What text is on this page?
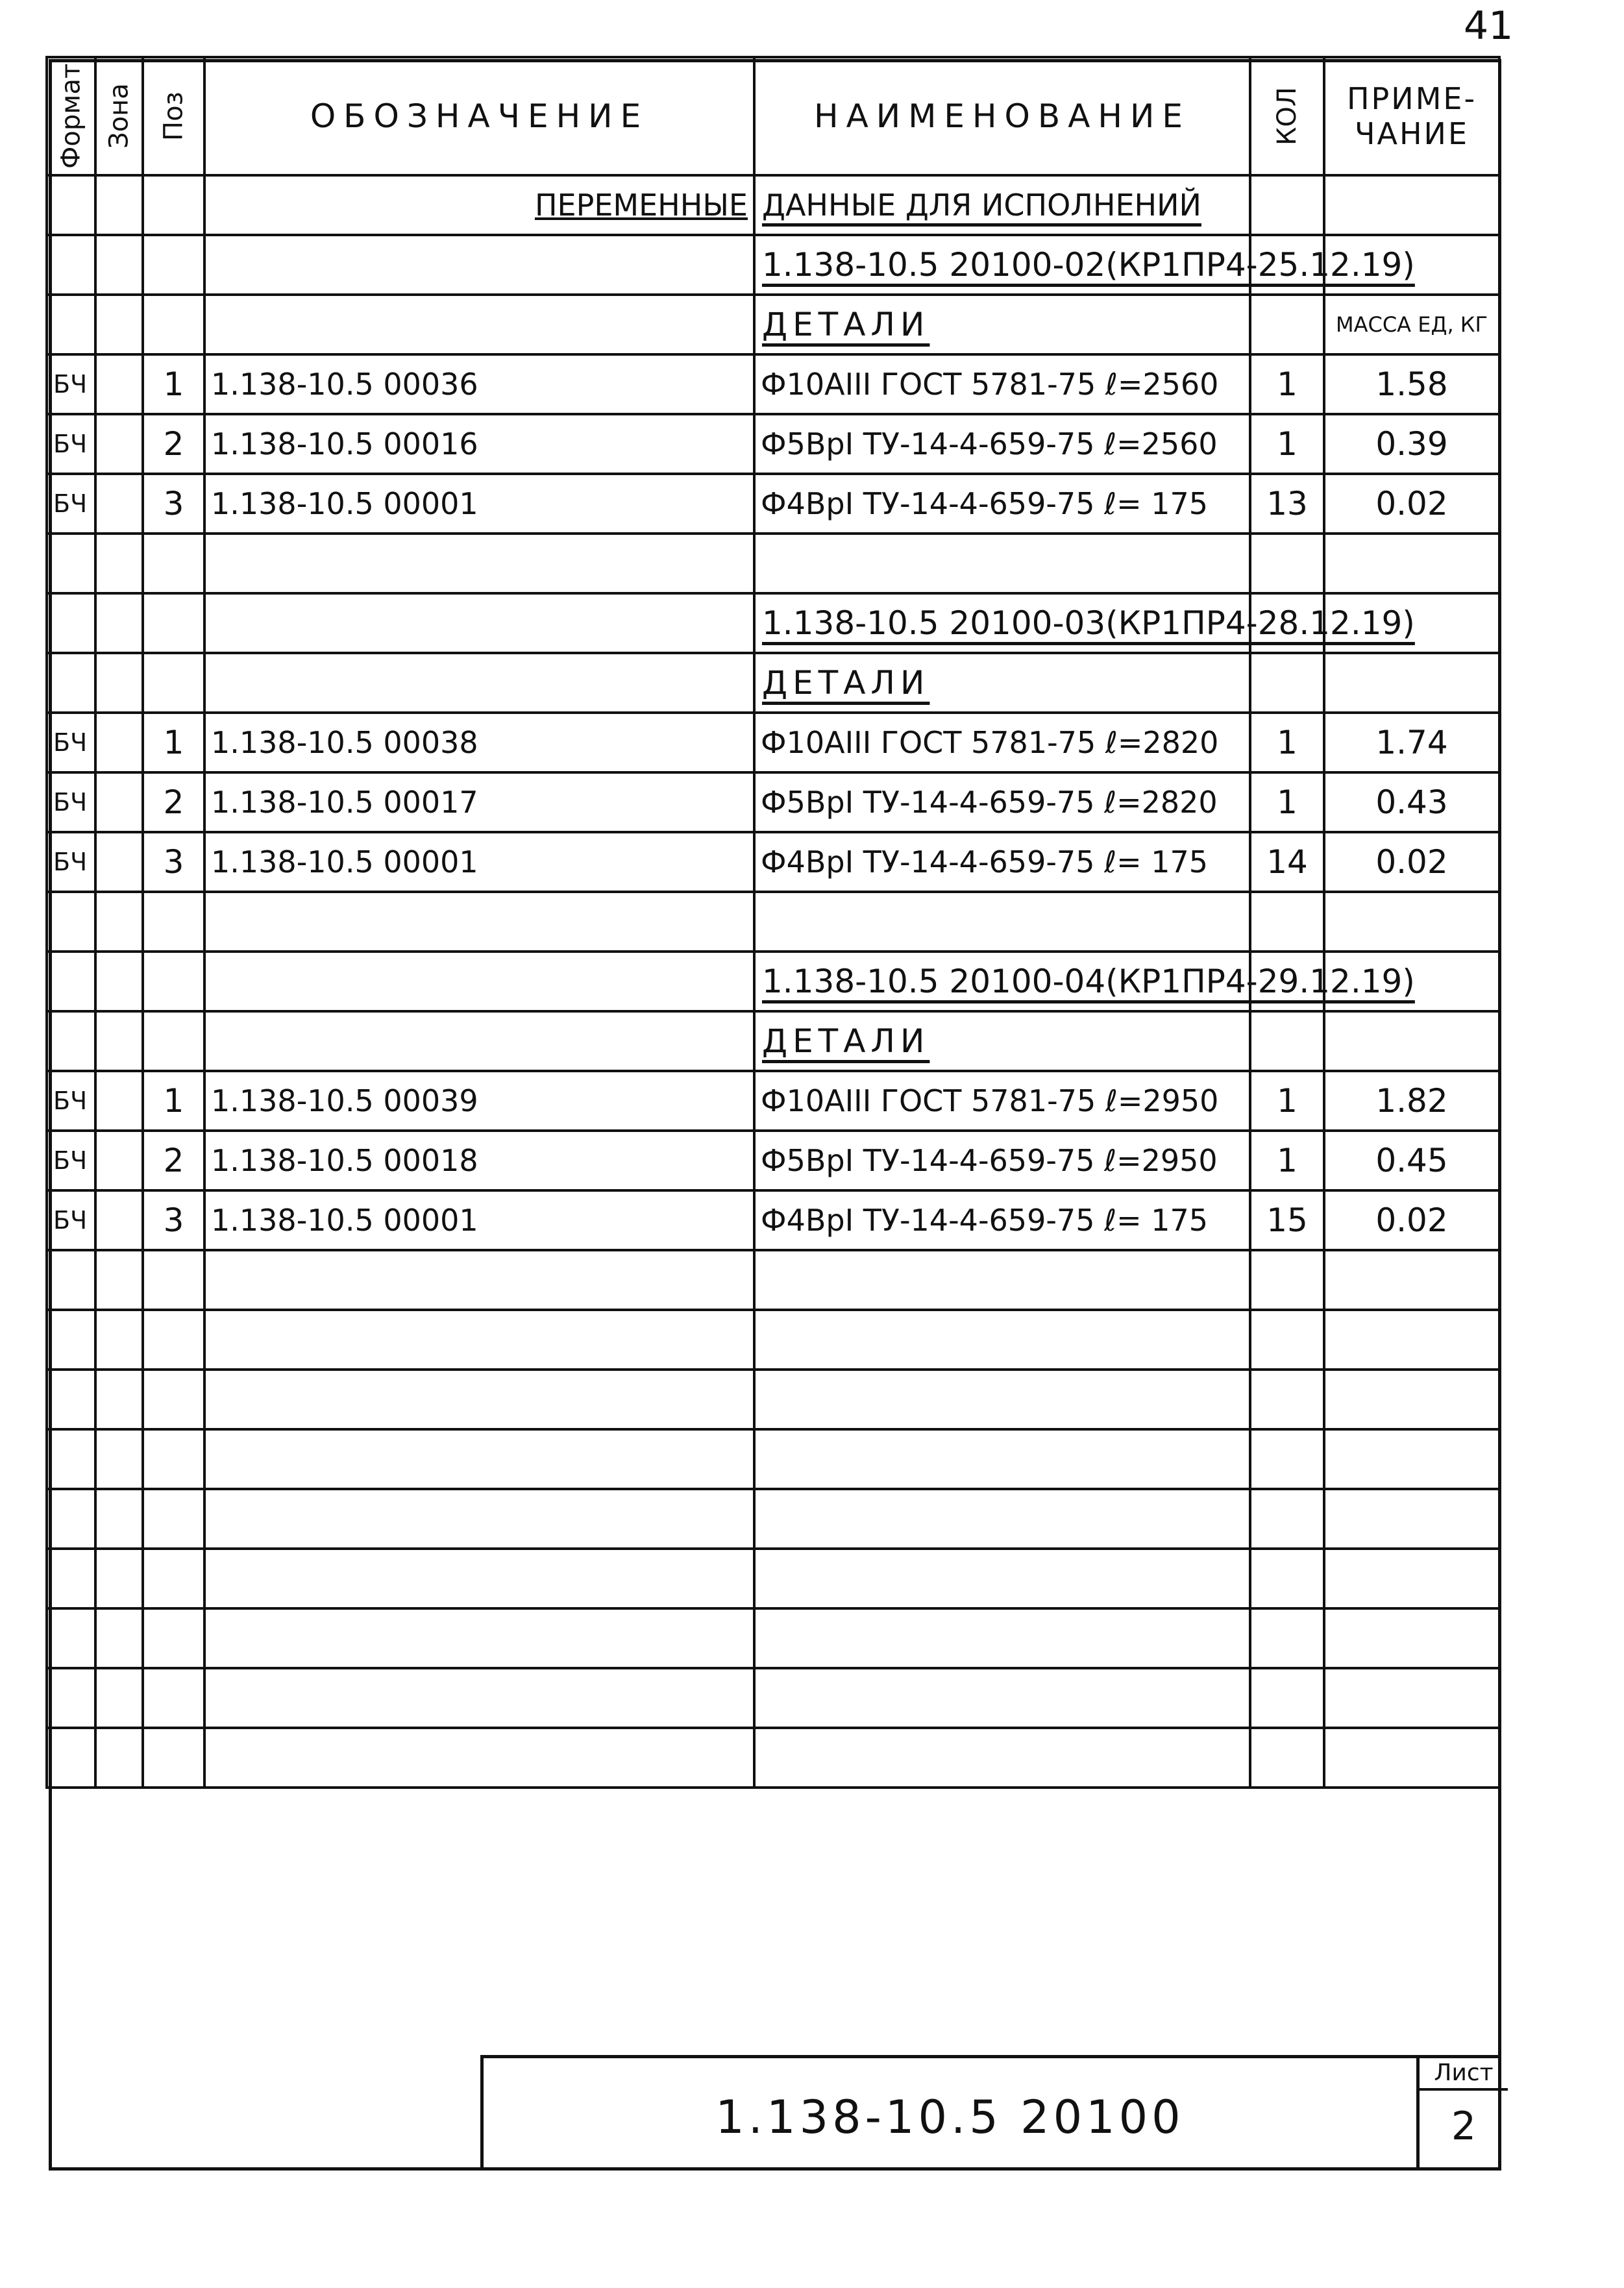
41
Формат	Зона	Поз	ОБОЗНАЧЕНИЕ	НАИМЕНОВАНИЕ	КОЛ	ПРИМЕ-ЧАНИЕ
			ПЕРЕМЕННЫЕ	ДАННЫЕ ДЛЯ ИСПОЛНЕНИЙ		

				1.138-10.5 20100-02(КР1ПР4-25.12.19)		

				ДЕТАЛИ		МАССА ЕД, КГ
БЧ		1	1.138-10.5 00036	Ф10АIII ГОСТ 5781-75 ℓ=2560	1	1.58
БЧ		2	1.138-10.5 00016	Ф5ВрI ТУ-14-4-659-75 ℓ=2560	1	0.39
БЧ		3	1.138-10.5 00001	Ф4ВрI ТУ-14-4-659-75 ℓ= 175	13	0.02

				1.138-10.5 20100-03(КР1ПР4-28.12.19)		

				ДЕТАЛИ		

БЧ		1	1.138-10.5 00038	Ф10АIII ГОСТ 5781-75 ℓ=2820	1	1.74
БЧ		2	1.138-10.5 00017	Ф5ВрI ТУ-14-4-659-75 ℓ=2820	1	0.43
БЧ		3	1.138-10.5 00001	Ф4ВрI ТУ-14-4-659-75 ℓ= 175	14	0.02

				1.138-10.5 20100-04(КР1ПР4-29.12.19)		

				ДЕТАЛИ		

БЧ		1	1.138-10.5 00039	Ф10АIII ГОСТ 5781-75 ℓ=2950	1	1.82
БЧ		2	1.138-10.5 00018	Ф5ВрI ТУ-14-4-659-75 ℓ=2950	1	0.45
БЧ		3	1.138-10.5 00001	Ф4ВрI ТУ-14-4-659-75 ℓ= 175	15	0.02

1.138-10.5 20100
Лист
2
